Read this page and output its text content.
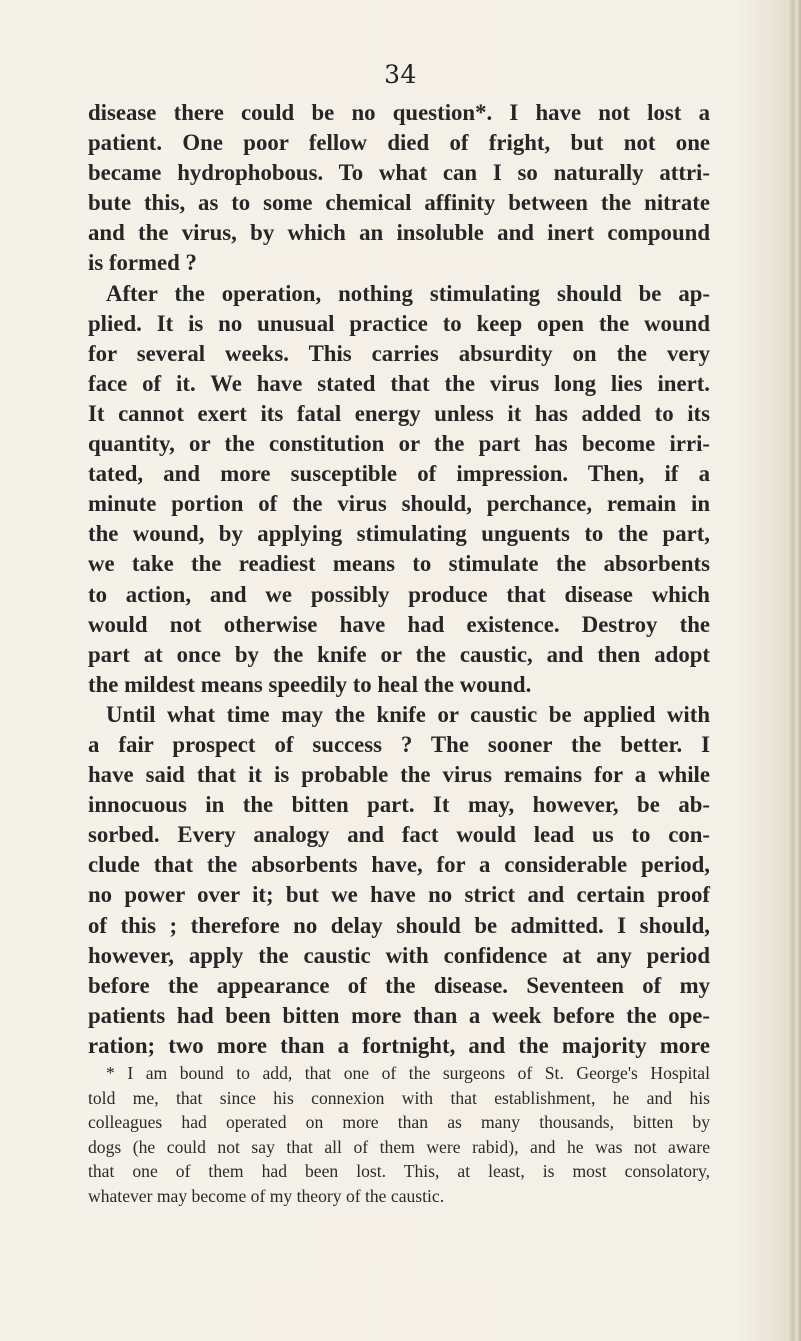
34
disease there could be no question*. I have not lost a
patient. One poor fellow died of fright, but not one
became hydrophobous. To what can I so naturally attri-
bute this, as to some chemical affinity between the nitrate
and the virus, by which an insoluble and inert compound
is formed ?
After the operation, nothing stimulating should be ap-
plied. It is no unusual practice to keep open the wound
for several weeks. This carries absurdity on the very
face of it. We have stated that the virus long lies inert.
It cannot exert its fatal energy unless it has added to its
quantity, or the constitution or the part has become irri-
tated, and more susceptible of impression. Then, if a
minute portion of the virus should, perchance, remain in
the wound, by applying stimulating unguents to the part,
we take the readiest means to stimulate the absorbents
to action, and we possibly produce that disease which
would not otherwise have had existence. Destroy the
part at once by the knife or the caustic, and then adopt
the mildest means speedily to heal the wound.
Until what time may the knife or caustic be applied with
a fair prospect of success ? The sooner the better. I
have said that it is probable the virus remains for a while
innocuous in the bitten part. It may, however, be ab-
sorbed. Every analogy and fact would lead us to con-
clude that the absorbents have, for a considerable period,
no power over it; but we have no strict and certain proof
of this ; therefore no delay should be admitted. I should,
however, apply the caustic with confidence at any period
before the appearance of the disease. Seventeen of my
patients had been bitten more than a week before the ope-
ration; two more than a fortnight, and the majority more
* I am bound to add, that one of the surgeons of St. George's Hospital
told me, that since his connexion with that establishment, he and his
colleagues had operated on more than as many thousands, bitten by
dogs (he could not say that all of them were rabid), and he was not aware
that one of them had been lost. This, at least, is most consolatory,
whatever may become of my theory of the caustic.
